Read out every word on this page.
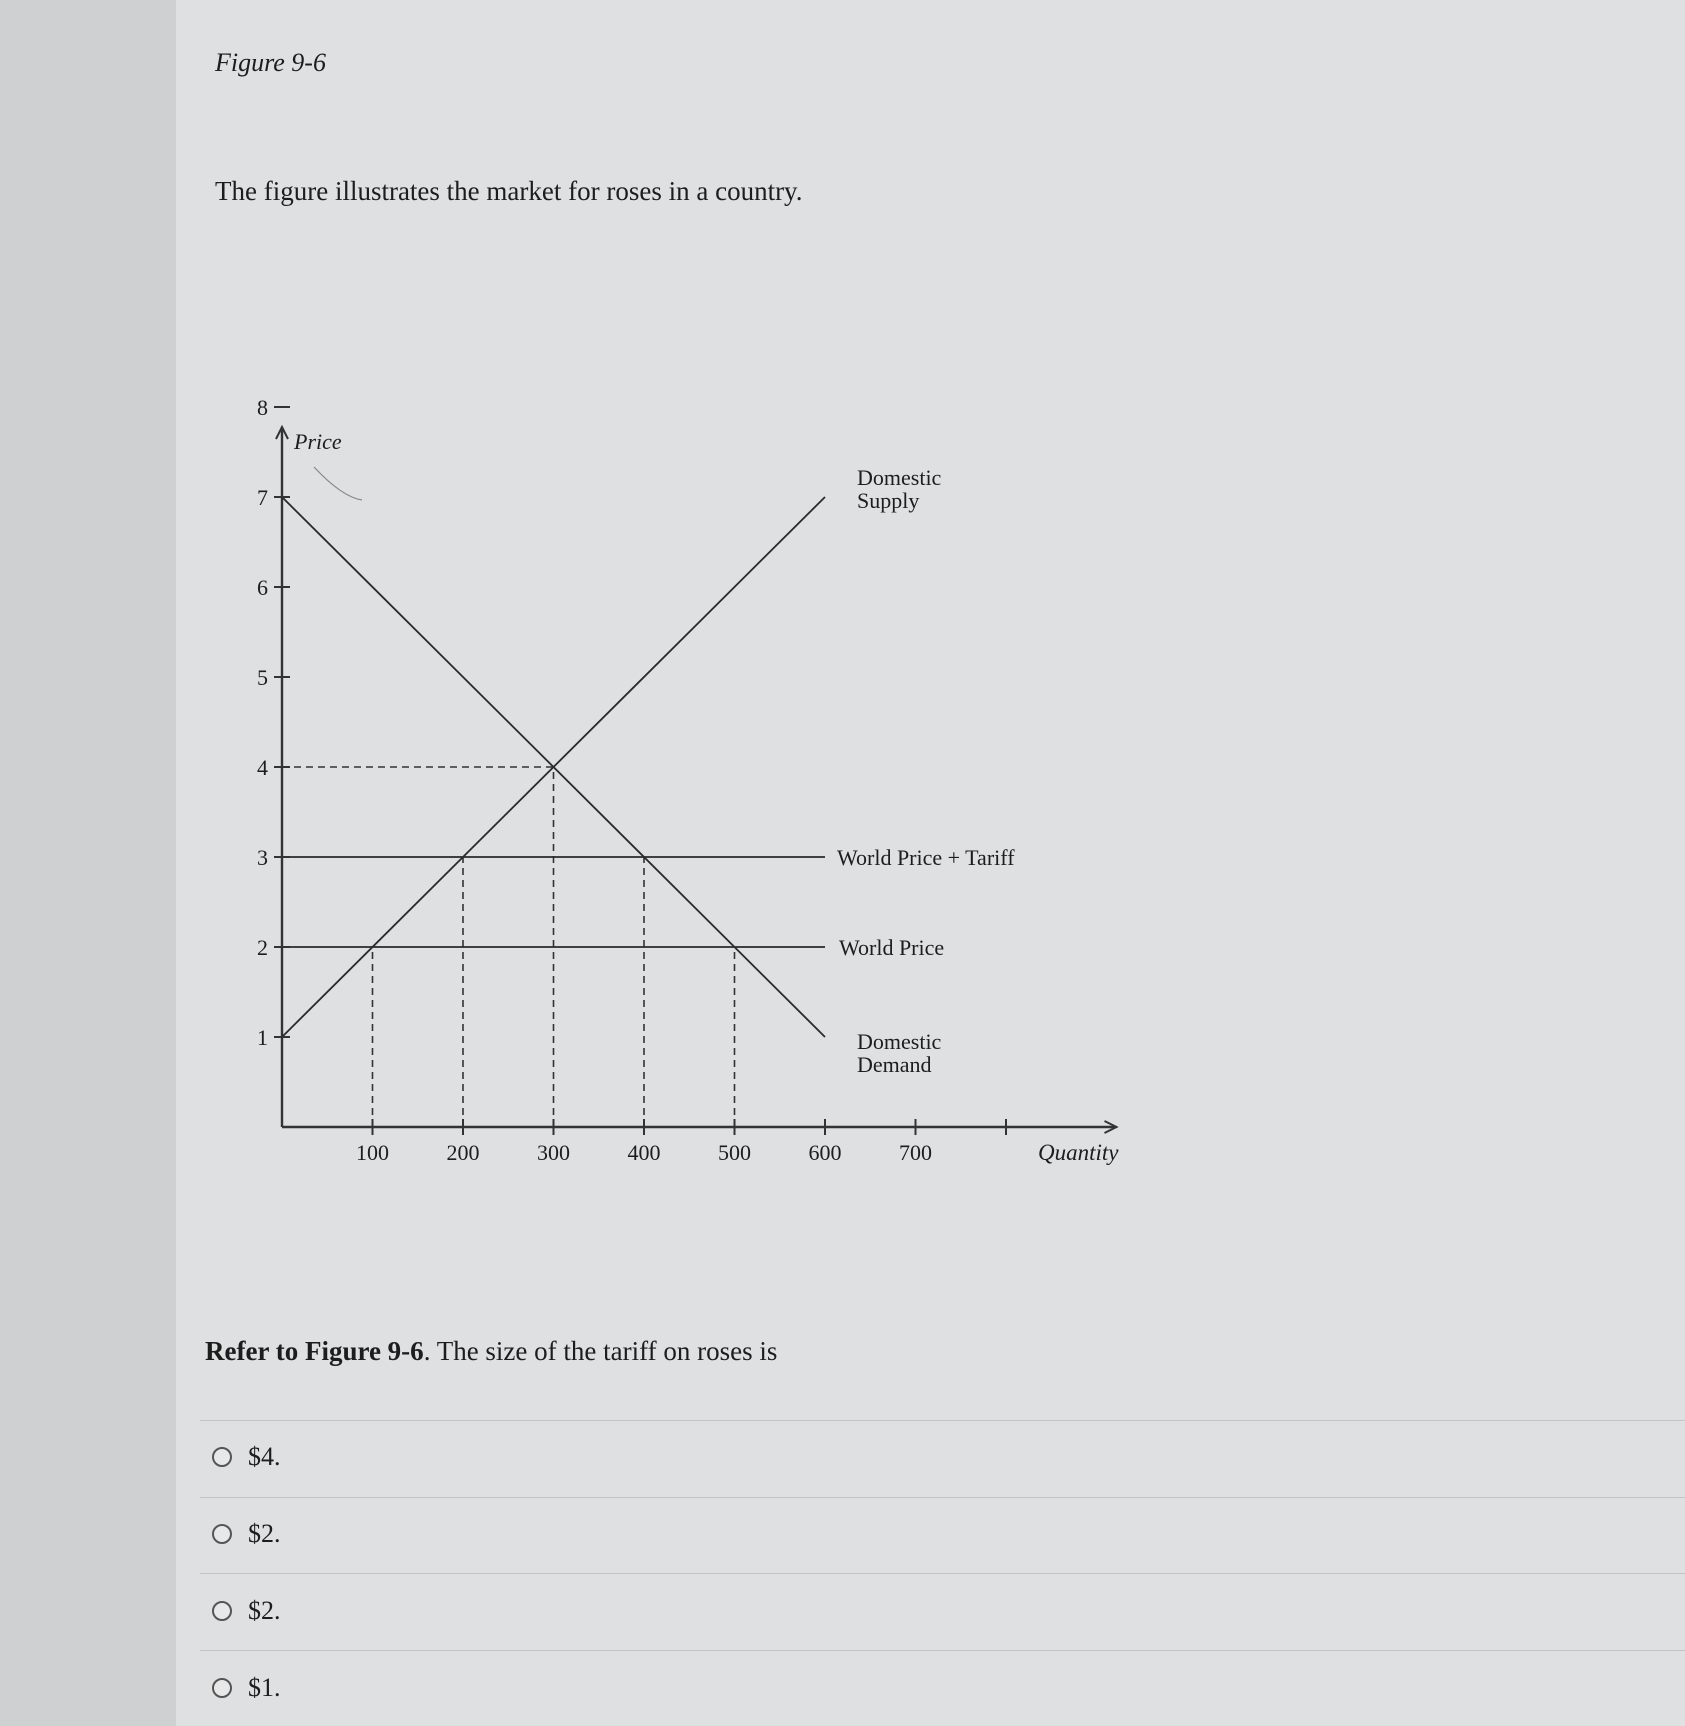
Figure 9-6
The figure illustrates the market for roses in a country.
100	200	300	400	500	600	700
1
2
3
4
5
6
7
8
Price
Quantity
Domestic
Supply
Domestic
Demand
World Price + Tariff
World Price
Refer to Figure 9-6. The size of the tariff on roses is
$4.
$2.
$2.
$1.
